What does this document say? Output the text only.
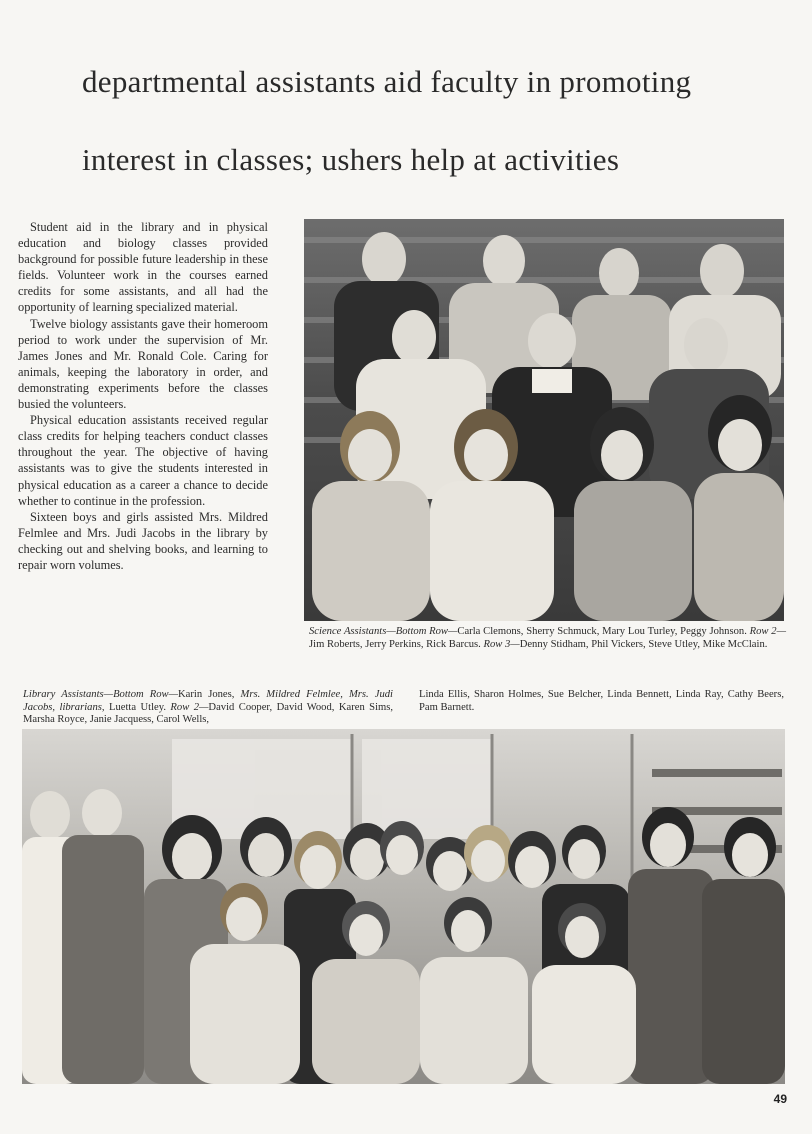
departmental assistants aid faculty in promoting
interest in classes; ushers help at activities

Student aid in the library and in physical education and biology classes provided background for possible future leadership in these fields. Volunteer work in the courses earned credits for some assistants, and all had the opportunity of learning specialized material.

Twelve biology assistants gave their homeroom period to work under the supervision of Mr. James Jones and Mr. Ronald Cole. Caring for animals, keeping the laboratory in order, and demonstrating experiments before the classes busied the volunteers.

Physical education assistants received regular class credits for helping teachers conduct classes throughout the year. The objective of having assistants was to give the students interested in physical education as a career a chance to decide whether to continue in the profession.

Sixteen boys and girls assisted Mrs. Mildred Felmlee and Mrs. Judi Jacobs in the library by checking out and shelving books, and learning to repair worn volumes.

Science Assistants—Bottom Row—Carla Clemons, Sherry Schmuck, Mary Lou Turley, Peggy Johnson. Row 2—Jim Roberts, Jerry Perkins, Rick Barcus. Row 3—Denny Stidham, Phil Vickers, Steve Utley, Mike McClain.
Library Assistants—Bottom Row—Karin Jones, Mrs. Mildred Felmlee, Mrs. Judi Jacobs, librarians, Luetta Utley. Row 2—David Cooper, David Wood, Karen Sims, Marsha Royce, Janie Jacquess, Carol Wells,
Linda Ellis, Sharon Holmes, Sue Belcher, Linda Bennett, Linda Ray, Cathy Beers, Pam Barnett.
49
